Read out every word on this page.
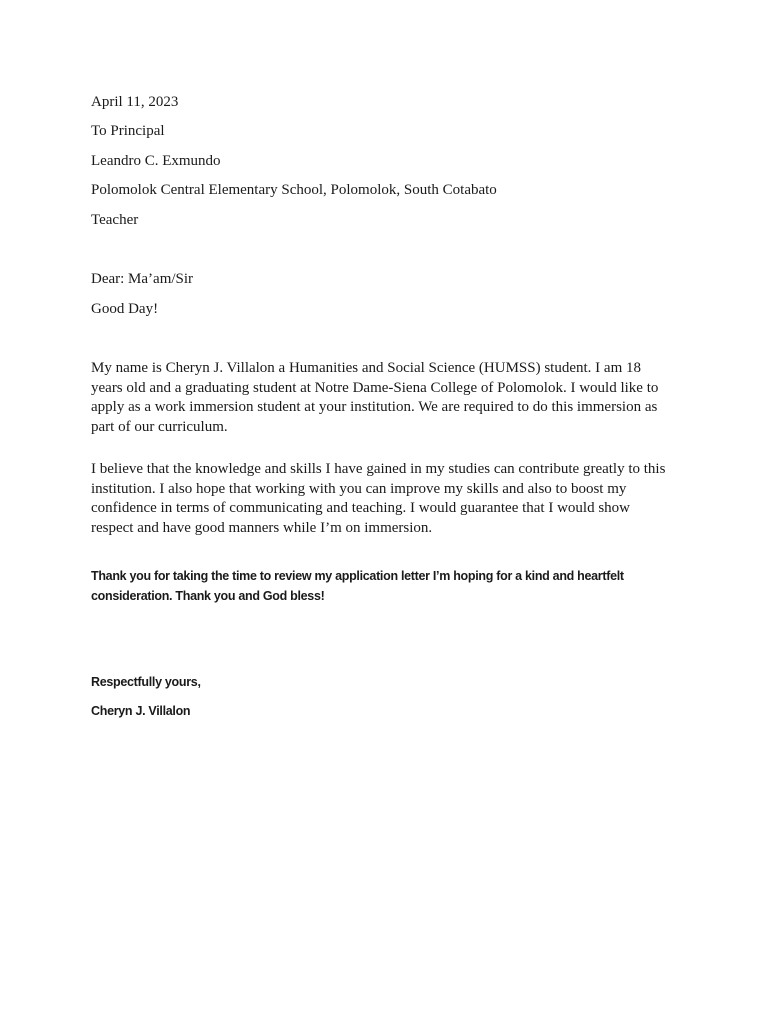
April 11, 2023
To Principal
Leandro C. Exmundo
Polomolok Central Elementary School, Polomolok, South Cotabato
Teacher
Dear: Ma’am/Sir
Good Day!

My name is Cheryn J. Villalon a Humanities and Social Science (HUMSS) student. I am 18

years old and a graduating student at Notre Dame-Siena College of Polomolok. I would like to

apply as a work immersion student at your institution. We are required to do this immersion as

part of our curriculum.

I believe that the knowledge and skills I have gained in my studies can contribute greatly to this

institution. I also hope that working with you can improve my skills and also to boost my

confidence in terms of communicating and teaching. I would guarantee that I would show

respect and have good manners while I’m on immersion.

Thank you for taking the time to review my application letter I’m hoping for a kind and heartfelt

consideration. Thank you and God bless!

Respectfully yours,
Cheryn J. Villalon
